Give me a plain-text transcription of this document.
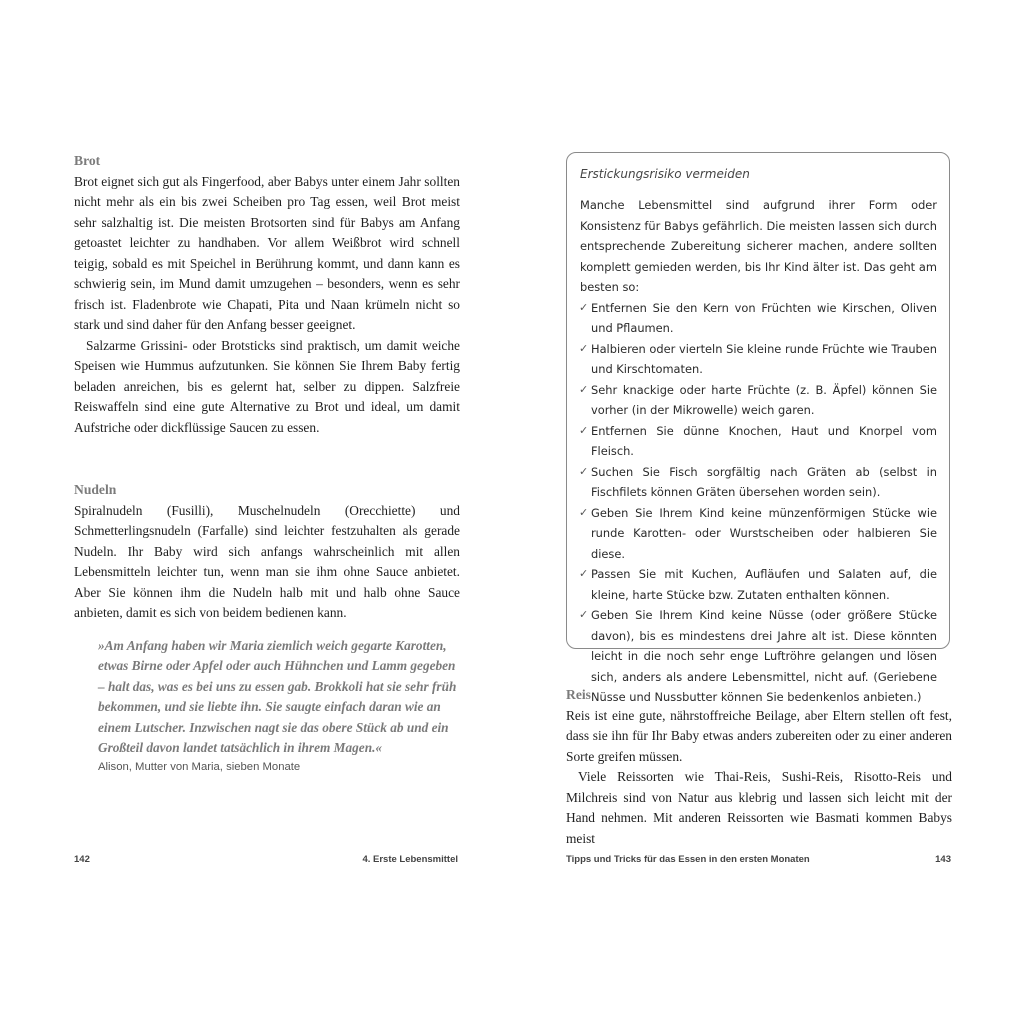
Brot

Brot eignet sich gut als Fingerfood, aber Babys unter einem Jahr sollten nicht mehr als ein bis zwei Scheiben pro Tag essen, weil Brot meist sehr salzhaltig ist. Die meisten Brotsorten sind für Babys am Anfang getoastet leichter zu handhaben. Vor allem Weißbrot wird schnell teigig, sobald es mit Speichel in Berührung kommt, und dann kann es schwierig sein, im Mund damit umzugehen – besonders, wenn es sehr frisch ist. Fladenbrote wie Chapati, Pita und Naan krümeln nicht so stark und sind daher für den Anfang besser geeignet.

Salzarme Grissini- oder Brotsticks sind praktisch, um damit weiche Speisen wie Hummus aufzutunken. Sie können Sie Ihrem Baby fertig beladen anreichen, bis es gelernt hat, selber zu dippen. Salzfreie Reiswaffeln sind eine gute Alternative zu Brot und ideal, um damit Aufstriche oder dickflüssige Saucen zu essen.

Nudeln

Spiralnudeln (Fusilli), Muschelnudeln (Orecchiette) und Schmetterlingsnudeln (Farfalle) sind leichter festzuhalten als gerade Nudeln. Ihr Baby wird sich anfangs wahrscheinlich mit allen Lebensmitteln leichter tun, wenn man sie ihm ohne Sauce anbietet. Aber Sie können ihm die Nudeln halb mit und halb ohne Sauce anbieten, damit es sich von beidem bedienen kann.

»Am Anfang haben wir Maria ziemlich weich gegarte Karotten, etwas Birne oder Apfel oder auch Hühnchen und Lamm gegeben – halt das, was es bei uns zu essen gab. Brokkoli hat sie sehr früh bekommen, und sie liebte ihn. Sie saugte einfach daran wie an einem Lutscher. Inzwischen nagt sie das obere Stück ab und ein Großteil davon landet tatsächlich in ihrem Magen.«
Alison, Mutter von Maria, sieben Monate
Erstickungsrisiko vermeiden

Manche Lebensmittel sind aufgrund ihrer Form oder Konsistenz für Babys gefährlich. Die meisten lassen sich durch entsprechende Zubereitung sicherer machen, andere sollten komplett gemieden werden, bis Ihr Kind älter ist. Das geht am besten so:

✓ Entfernen Sie den Kern von Früchten wie Kirschen, Oliven und Pflaumen.
✓ Halbieren oder vierteln Sie kleine runde Früchte wie Trauben und Kirschtomaten.
✓ Sehr knackige oder harte Früchte (z. B. Äpfel) können Sie vorher (in der Mikrowelle) weich garen.
✓ Entfernen Sie dünne Knochen, Haut und Knorpel vom Fleisch.
✓ Suchen Sie Fisch sorgfältig nach Gräten ab (selbst in Fischfilets können Gräten übersehen worden sein).
✓ Geben Sie Ihrem Kind keine münzenförmigen Stücke wie runde Karotten- oder Wurstscheiben oder halbieren Sie diese.
✓ Passen Sie mit Kuchen, Aufläufen und Salaten auf, die kleine, harte Stücke bzw. Zutaten enthalten können.
✓ Geben Sie Ihrem Kind keine Nüsse (oder größere Stücke davon), bis es mindestens drei Jahre alt ist. Diese könnten leicht in die noch sehr enge Luftröhre gelangen und lösen sich, anders als andere Lebensmittel, nicht auf. (Geriebene Nüsse und Nussbutter können Sie bedenkenlos anbieten.)
Reis

Reis ist eine gute, nährstoffreiche Beilage, aber Eltern stellen oft fest, dass sie ihn für Ihr Baby etwas anders zubereiten oder zu einer anderen Sorte greifen müssen.

Viele Reissorten wie Thai-Reis, Sushi-Reis, Risotto-Reis und Milchreis sind von Natur aus klebrig und lassen sich leicht mit der Hand nehmen. Mit anderen Reissorten wie Basmati kommen Babys meist

142	4. Erste Lebensmittel	Tipps und Tricks für das Essen in den ersten Monaten	143
